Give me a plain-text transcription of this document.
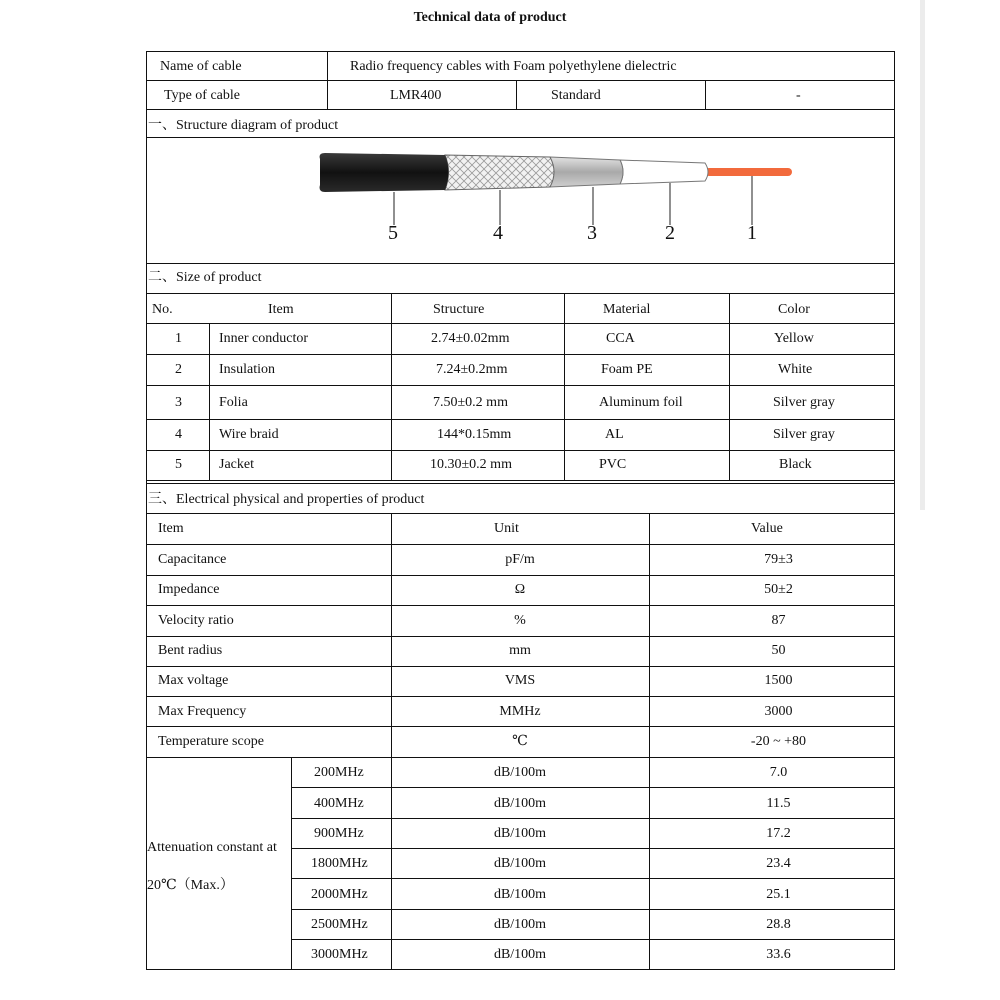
Technical data of product
Name of cable	Radio frequency cables with Foam polyethylene dielectric
Type of cable	LMR400	Standard	-
一、Structure diagram of product
5	4	3	2	1
二、Size of product
No.	Item	Structure	Material	Color
1	Inner conductor	2.74±0.02mm	CCA	Yellow
2	Insulation	7.24±0.2mm	Foam PE	White
3	Folia	7.50±0.2 mm	Aluminum foil	Silver gray
4	Wire braid	144*0.15mm	AL	Silver gray
5	Jacket	10.30±0.2 mm	PVC	Black
三、Electrical physical and properties of product
Item	Unit	Value
Capacitance	pF/m	79±3
Impedance	Ω	50±2
Velocity ratio	%	87
Bent radius	mm	50
Max voltage	VMS	1500
Max Frequency	MMHz	3000
Temperature scope	℃	-20 ~ +80
Attenuation constant at
20℃（Max.）
200MHz	dB/100m	7.0
400MHz	dB/100m	11.5
900MHz	dB/100m	17.2
1800MHz	dB/100m	23.4
2000MHz	dB/100m	25.1
2500MHz	dB/100m	28.8
3000MHz	dB/100m	33.6
